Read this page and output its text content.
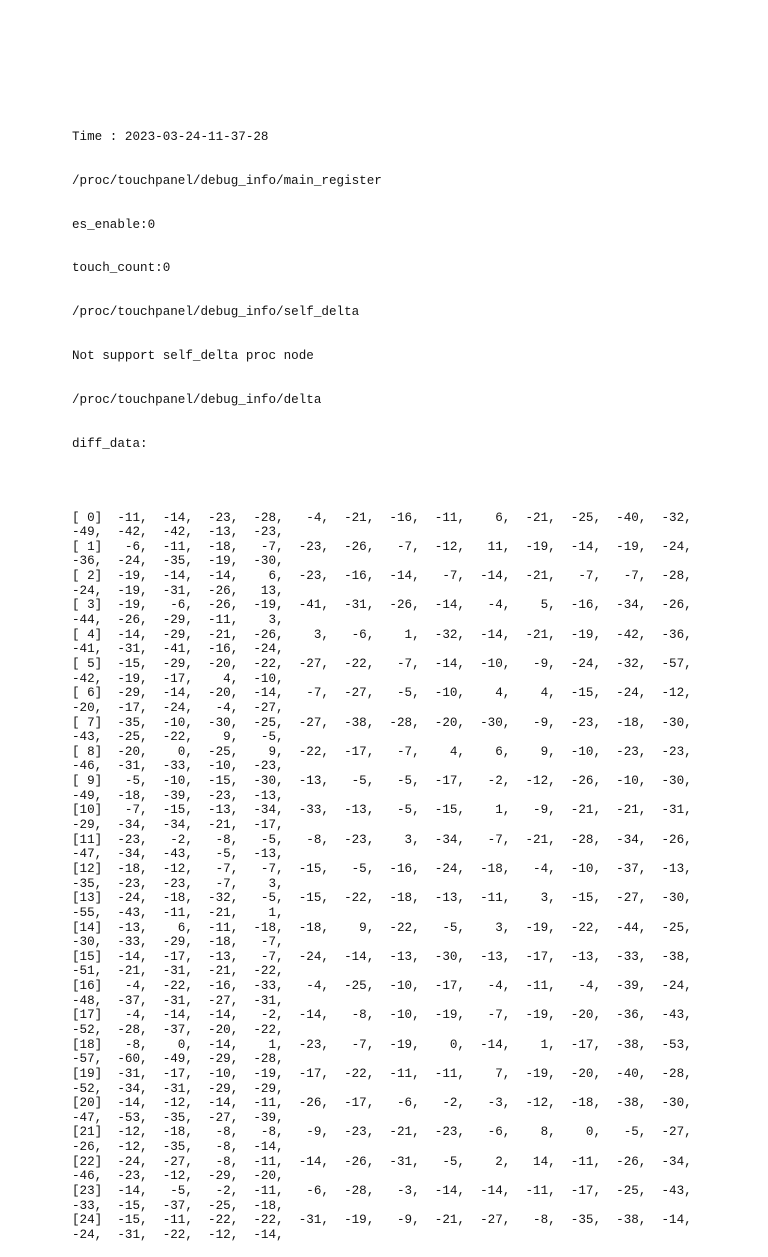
Time : 2023-03-24-11-37-28

/proc/touchpanel/debug_info/main_register

es_enable:0

touch_count:0

/proc/touchpanel/debug_info/self_delta

Not support self_delta proc node

/proc/touchpanel/debug_info/delta

diff_data:

[ 0]  -11,  -14,  -23,  -28,   -4,  -21,  -16,  -11,    6,  -21,  -25,  -40,  -32,
-49,  -42,  -42,  -13,  -23,
[ 1]   -6,  -11,  -18,   -7,  -23,  -26,   -7,  -12,   11,  -19,  -14,  -19,  -24,
-36,  -24,  -35,  -19,  -30,
[ 2]  -19,  -14,  -14,    6,  -23,  -16,  -14,   -7,  -14,  -21,   -7,   -7,  -28,
-24,  -19,  -31,  -26,   13,
[ 3]  -19,   -6,  -26,  -19,  -41,  -31,  -26,  -14,   -4,    5,  -16,  -34,  -26,
-44,  -26,  -29,  -11,    3,
[ 4]  -14,  -29,  -21,  -26,    3,   -6,    1,  -32,  -14,  -21,  -19,  -42,  -36,
-41,  -31,  -41,  -16,  -24,
[ 5]  -15,  -29,  -20,  -22,  -27,  -22,   -7,  -14,  -10,   -9,  -24,  -32,  -57,
-42,  -19,  -17,    4,  -10,
[ 6]  -29,  -14,  -20,  -14,   -7,  -27,   -5,  -10,    4,    4,  -15,  -24,  -12,
-20,  -17,  -24,   -4,  -27,
[ 7]  -35,  -10,  -30,  -25,  -27,  -38,  -28,  -20,  -30,   -9,  -23,  -18,  -30,
-43,  -25,  -22,    9,   -5,
[ 8]  -20,    0,  -25,    9,  -22,  -17,   -7,    4,    6,    9,  -10,  -23,  -23,
-46,  -31,  -33,  -10,  -23,
[ 9]   -5,  -10,  -15,  -30,  -13,   -5,   -5,  -17,   -2,  -12,  -26,  -10,  -30,
-49,  -18,  -39,  -23,  -13,
[10]   -7,  -15,  -13,  -34,  -33,  -13,   -5,  -15,    1,   -9,  -21,  -21,  -31,
-29,  -34,  -34,  -21,  -17,
[11]  -23,   -2,   -8,   -5,   -8,  -23,    3,  -34,   -7,  -21,  -28,  -34,  -26,
-47,  -34,  -43,   -5,  -13,
[12]  -18,  -12,   -7,   -7,  -15,   -5,  -16,  -24,  -18,   -4,  -10,  -37,  -13,
-35,  -23,  -23,   -7,    3,
[13]  -24,  -18,  -32,   -5,  -15,  -22,  -18,  -13,  -11,    3,  -15,  -27,  -30,
-55,  -43,  -11,  -21,    1,
[14]  -13,    6,  -11,  -18,  -18,    9,  -22,   -5,    3,  -19,  -22,  -44,  -25,
-30,  -33,  -29,  -18,   -7,
[15]  -14,  -17,  -13,   -7,  -24,  -14,  -13,  -30,  -13,  -17,  -13,  -33,  -38,
-51,  -21,  -31,  -21,  -22,
[16]   -4,  -22,  -16,  -33,   -4,  -25,  -10,  -17,   -4,  -11,   -4,  -39,  -24,
-48,  -37,  -31,  -27,  -31,
[17]   -4,  -14,  -14,   -2,  -14,   -8,  -10,  -19,   -7,  -19,  -20,  -36,  -43,
-52,  -28,  -37,  -20,  -22,
[18]   -8,    0,  -14,    1,  -23,   -7,  -19,    0,  -14,    1,  -17,  -38,  -53,
-57,  -60,  -49,  -29,  -28,
[19]  -31,  -17,  -10,  -19,  -17,  -22,  -11,  -11,    7,  -19,  -20,  -40,  -28,
-52,  -34,  -31,  -29,  -29,
[20]  -14,  -12,  -14,  -11,  -26,  -17,   -6,   -2,   -3,  -12,  -18,  -38,  -30,
-47,  -53,  -35,  -27,  -39,
[21]  -12,  -18,   -8,   -8,   -9,  -23,  -21,  -23,   -6,    8,    0,   -5,  -27,
-26,  -12,  -35,   -8,  -14,
[22]  -24,  -27,   -8,  -11,  -14,  -26,  -31,   -5,    2,   14,  -11,  -26,  -34,
-46,  -23,  -12,  -29,  -20,
[23]  -14,   -5,   -2,  -11,   -6,  -28,   -3,  -14,  -14,  -11,  -17,  -25,  -43,
-33,  -15,  -37,  -25,  -18,
[24]  -15,  -11,  -22,  -22,  -31,  -19,   -9,  -21,  -27,   -8,  -35,  -38,  -14,
-24,  -31,  -22,  -12,  -14,
